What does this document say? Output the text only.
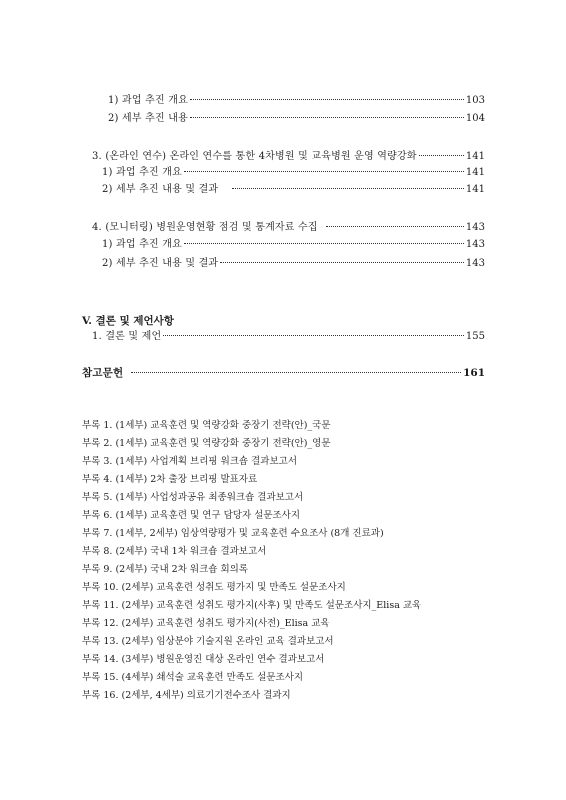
1) 과업 추진 개요	103
2) 세부 추진 내용	104
3. (온라인 연수) 온라인 연수를 통한 4차병원 및 교육병원 운영 역량강화	141
1) 과업 추진 개요	141
2) 세부 추진 내용 및 결과	141
4. (모니터링) 병원운영현황 점검 및 통계자료 수집	143
1) 과업 추진 개요	143
2) 세부 추진 내용 및 결과	143
V. 결론 및 제언사항
1. 결론 및 제언	155
참고문헌	161
부록 1. (1세부) 교육훈련 및 역량강화 중장기 전략(안)_국문
부록 2. (1세부) 교육훈련 및 역량강화 중장기 전략(안)_영문
부록 3. (1세부) 사업계획 브리핑 워크숍 결과보고서
부록 4. (1세부) 2차 출장 브리핑 발표자료
부록 5. (1세부) 사업성과공유 최종워크숍 결과보고서
부록 6. (1세부) 교육훈련 및 연구 담당자 설문조사지
부록 7. (1세부, 2세부) 임상역량평가 및 교육훈련 수요조사 (8개 진료과)
부록 8. (2세부) 국내 1차 워크숍 결과보고서
부록 9. (2세부) 국내 2차 워크숍 회의록
부록 10. (2세부) 교육훈련 성취도 평가지 및 만족도 설문조사지
부록 11. (2세부) 교육훈련 성취도 평가지(사후) 및 만족도 설문조사지_Elisa 교육
부록 12. (2세부) 교육훈련 성취도 평가지(사전)_Elisa 교육
부록 13. (2세부) 임상분야 기술지원 온라인 교육 결과보고서
부록 14. (3세부) 병원운영진 대상 온라인 연수 결과보고서
부록 15. (4세부) 쇄석술 교육훈련 만족도 설문조사지
부록 16. (2세부, 4세부) 의료기기전수조사 결과지
